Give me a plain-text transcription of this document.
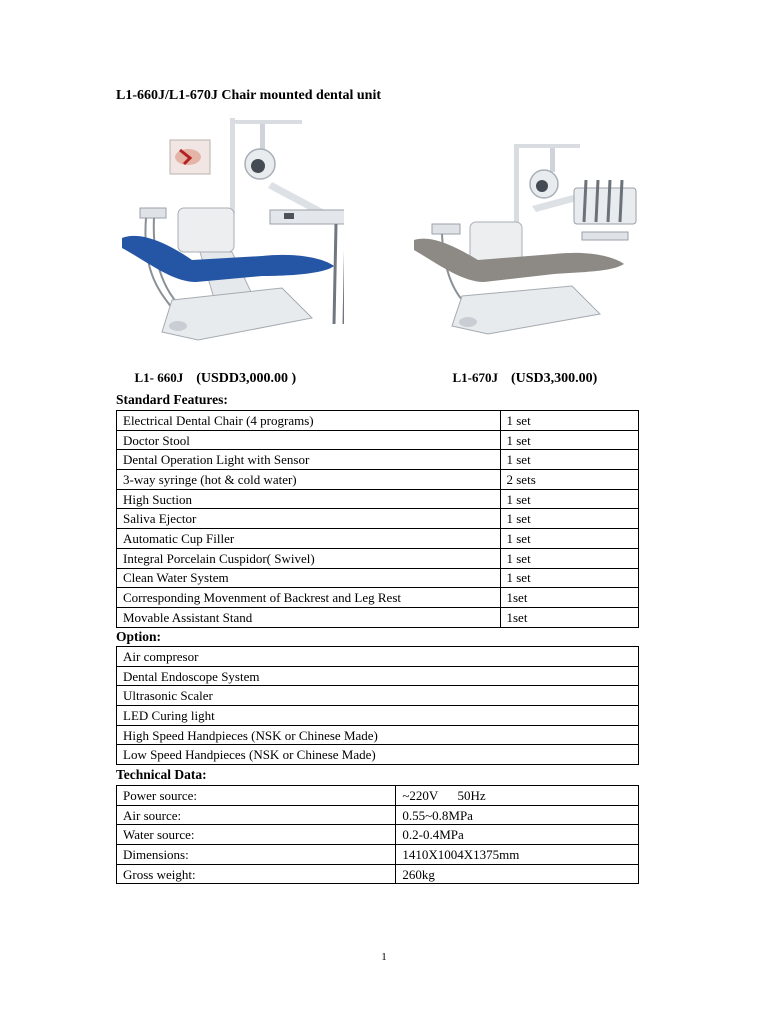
L1-660J/L1-670J Chair mounted dental unit

L1- 660J (USDD3,000.00 )	L1-670J (USD3,300.00)

Standard Features:
Electrical Dental Chair (4 programs)	1 set
Doctor Stool	1 set
Dental Operation Light with Sensor	1 set
3-way syringe (hot & cold water)	2 sets
High Suction	1 set
Saliva Ejector	1 set
Automatic Cup Filler	1 set
Integral Porcelain Cuspidor( Swivel)	1 set
Clean Water System	1 set
Corresponding Movenment of Backrest and Leg Rest	1set
Movable Assistant Stand	1set
Option:
Air compresor
Dental Endoscope System
Ultrasonic Scaler
LED Curing light
High Speed Handpieces (NSK or Chinese Made)
Low Speed Handpieces (NSK or Chinese Made)
Technical Data:
Power source:	~220V      50Hz
Air source:	0.55~0.8MPa
Water source:	0.2-0.4MPa
Dimensions:	1410X1004X1375mm
Gross weight:	260kg
1
